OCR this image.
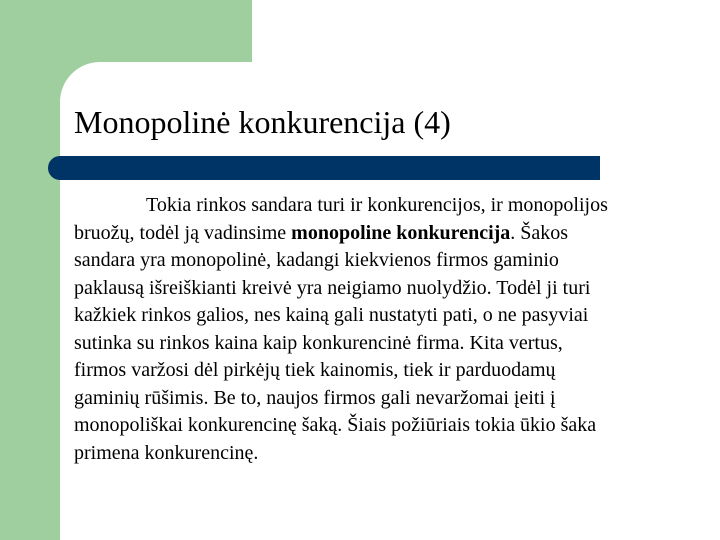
Monopolinė konkurencija (4)
Tokia rinkos sandara turi ir konkurencijos, ir monopolijos
bruožų, todėl ją vadinsime monopoline konkurencija. Šakos
sandara yra monopolinė, kadangi kiekvienos firmos gaminio
paklausą išreiškianti kreivė yra neigiamo nuolydžio. Todėl ji turi
kažkiek rinkos galios, nes kainą gali nustatyti pati, o ne pasyviai
sutinka su rinkos kaina kaip konkurencinė firma. Kita vertus,
firmos varžosi dėl pirkėjų tiek kainomis, tiek ir parduodamų
gaminių rūšimis. Be to, naujos firmos gali nevaržomai įeiti į
monopoliškai konkurencinę šaką. Šiais požiūriais tokia ūkio šaka
primena konkurencinę.
